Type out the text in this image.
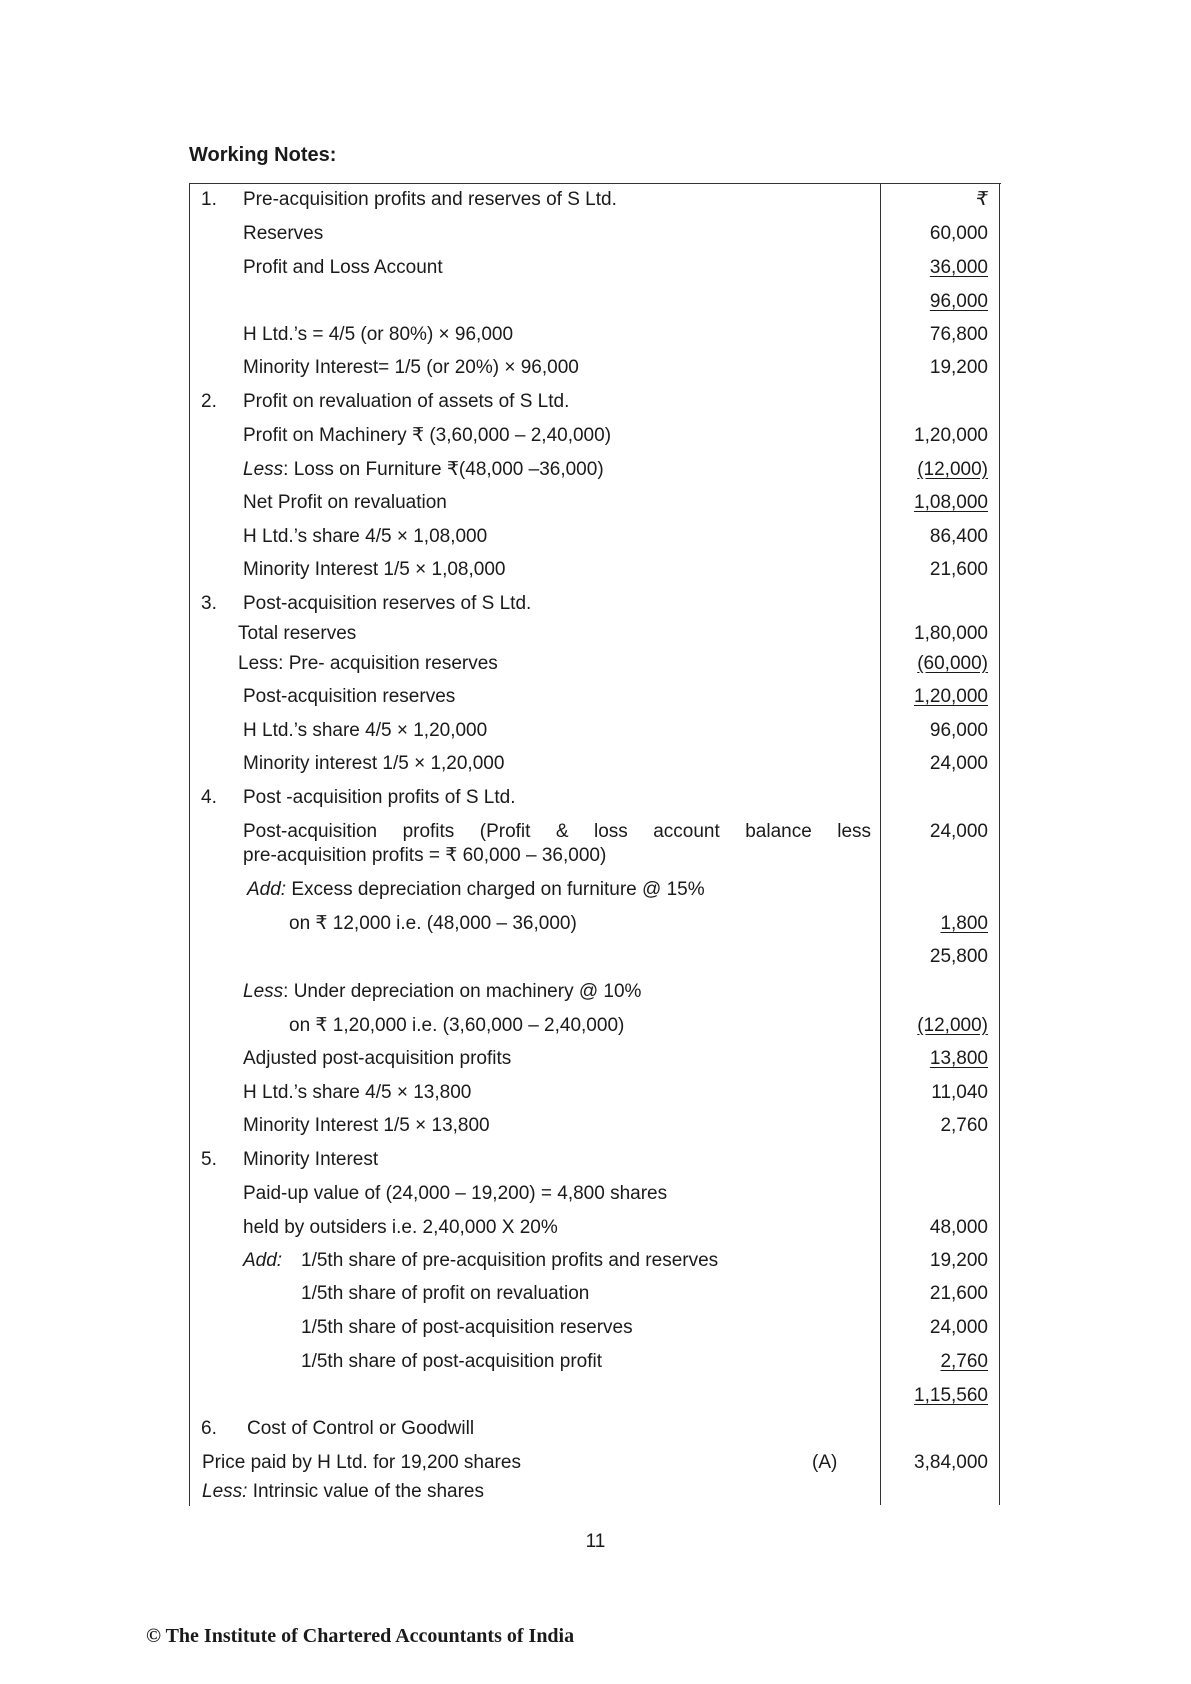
Working Notes:
1. Pre-acquisition profits and reserves of S Ltd.	₹
Reserves	60,000
Profit and Loss Account	36,000
96,000
H Ltd.’s = 4/5 (or 80%) × 96,000	76,800
Minority Interest= 1/5 (or 20%) × 96,000	19,200
2. Profit on revaluation of assets of S Ltd.
Profit on Machinery ₹ (3,60,000 – 2,40,000)	1,20,000
Less: Loss on Furniture ₹(48,000 –36,000)	(12,000)
Net Profit on revaluation	1,08,000
H Ltd.’s share 4/5 × 1,08,000	86,400
Minority Interest 1/5 × 1,08,000	21,600
3. Post-acquisition reserves of S Ltd.
Total reserves	1,80,000
Less: Pre- acquisition reserves	(60,000)
Post-acquisition reserves	1,20,000
H Ltd.’s share 4/5 × 1,20,000	96,000
Minority interest 1/5 × 1,20,000	24,000
4. Post -acquisition profits of S Ltd.
Post-acquisition profits (Profit & loss account balance less	24,000
pre-acquisition profits = ₹ 60,000 – 36,000)
Add: Excess depreciation charged on furniture @ 15%
on ₹ 12,000 i.e. (48,000 – 36,000)	1,800
25,800
Less: Under depreciation on machinery @ 10%
on ₹ 1,20,000 i.e. (3,60,000 – 2,40,000)	(12,000)
Adjusted post-acquisition profits	13,800
H Ltd.’s share 4/5 × 13,800	11,040
Minority Interest 1/5 × 13,800	2,760
5. Minority Interest
Paid-up value of (24,000 – 19,200) = 4,800 shares
held by outsiders i.e. 2,40,000 X 20%	48,000
Add: 1/5th share of pre-acquisition profits and reserves	19,200
1/5th share of profit on revaluation	21,600
1/5th share of post-acquisition reserves	24,000
1/5th share of post-acquisition profit	2,760
1,15,560
6. Cost of Control or Goodwill
Price paid by H Ltd. for 19,200 shares	(A)	3,84,000
Less: Intrinsic value of the shares
11
© The Institute of Chartered Accountants of India
